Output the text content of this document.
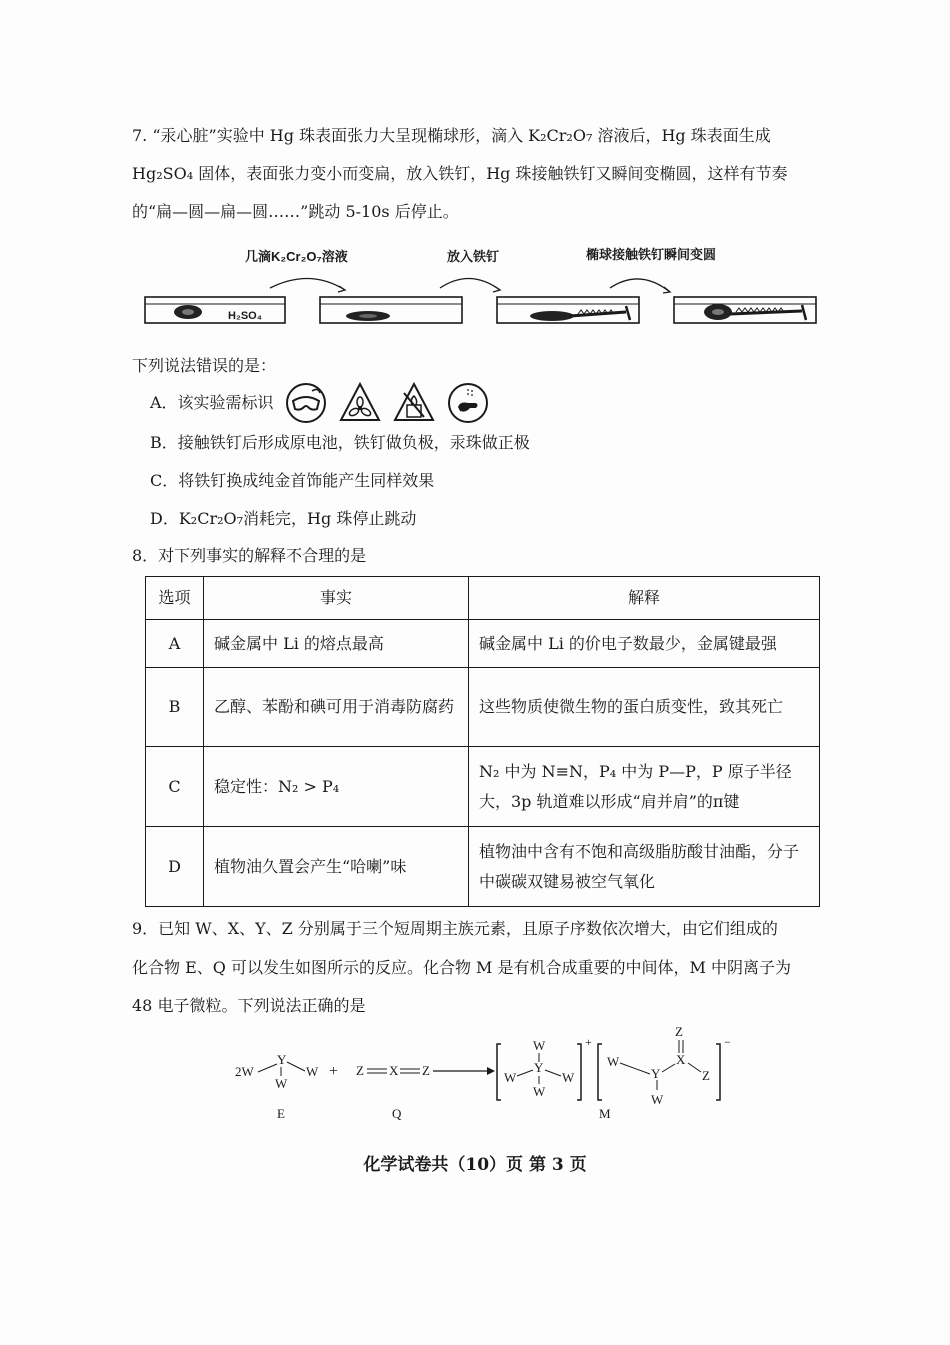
7. “汞心脏”实验中 Hg 珠表面张力大呈现椭球形，滴入 K₂Cr₂O₇ 溶液后，Hg 珠表面生成
Hg₂SO₄ 固体，表面张力变小而变扁，放入铁钉，Hg 珠接触铁钉又瞬间变椭圆，这样有节奏
的“扁—圆—扁—圆……”跳动 5-10s 后停止。
几滴K₂Cr₂O₇溶液	放入铁钉	椭球接触铁钉瞬间变圆
H₂SO₄
下列说法错误的是：
A．该实验需标识
B．接触铁钉后形成原电池，铁钉做负极，汞珠做正极
C．将铁钉换成纯金首饰能产生同样效果
D．K₂Cr₂O₇消耗完，Hg 珠停止跳动
8．对下列事实的解释不合理的是
选项	事实	解释
A	碱金属中 Li 的熔点最高	碱金属中 Li 的价电子数最少，金属键最强
B	乙醇、苯酚和碘可用于消毒防腐药	这些物质使微生物的蛋白质变性，致其死亡
C	稳定性：N₂ > P₄	N₂ 中为 N≡N，P₄ 中为 P—P，P 原子半径大，3p 轨道难以形成“肩并肩”的π键
D	植物油久置会产生“哈喇”味	植物油中含有不饱和高级脂肪酸甘油酯，分子中碳碳双键易被空气氧化
9．已知 W、X、Y、Z 分别属于三个短周期主族元素，且原子序数依次增大，由它们组成的
化合物 E、Q 可以发生如图所示的反应。化合物 M 是有机合成重要的中间体，M 中阴离子为
48 电子微粒。下列说法正确的是
2W
Y
W
W
E
+ Z X Z
Q
W
W
Y
W
W
+
W
Y
W
X
Z
Z
−
M
化学试卷共（10）页 第 3 页
